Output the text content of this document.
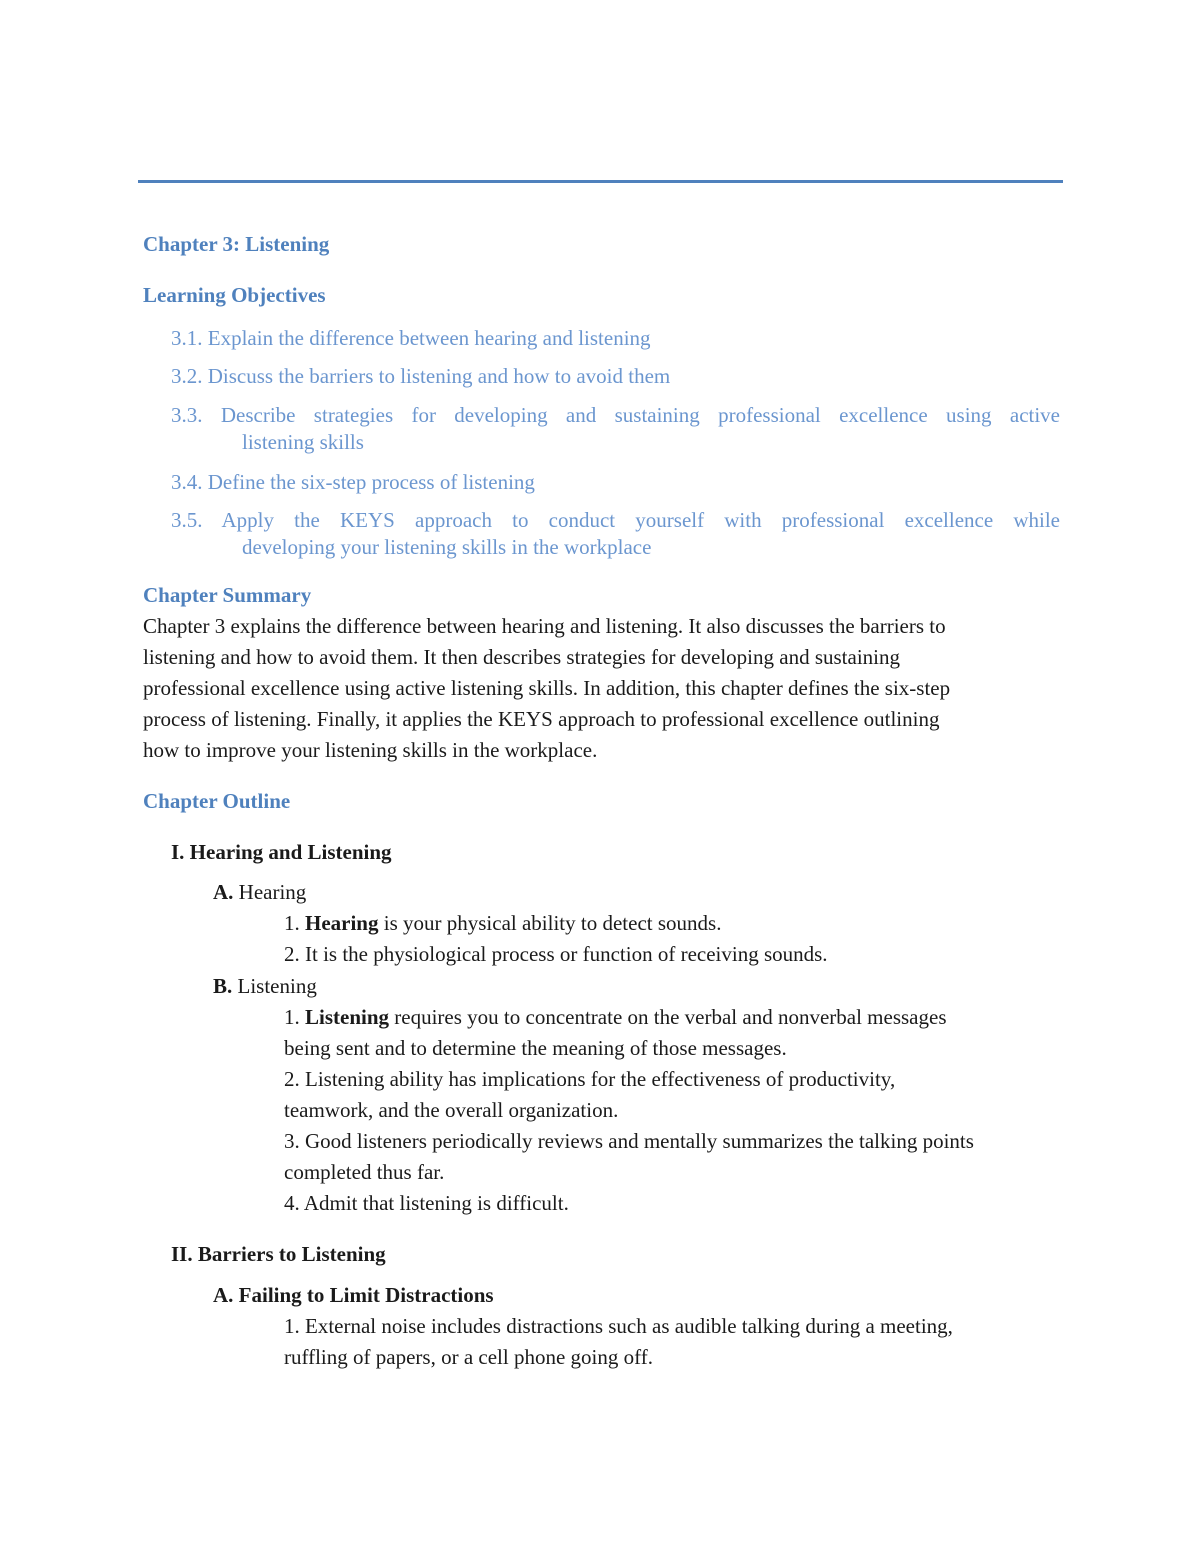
Chapter 3: Listening
Learning Objectives
3.1. Explain the difference between hearing and listening
3.2. Discuss the barriers to listening and how to avoid them
3.3. Describe strategies for developing and sustaining professional excellence using active
listening skills
3.4. Define the six-step process of listening
3.5. Apply the KEYS approach to conduct yourself with professional excellence while
developing your listening skills in the workplace
Chapter Summary
Chapter 3 explains the difference between hearing and listening. It also discusses the barriers to
listening and how to avoid them. It then describes strategies for developing and sustaining
professional excellence using active listening skills. In addition, this chapter defines the six-step
process of listening. Finally, it applies the KEYS approach to professional excellence outlining
how to improve your listening skills in the workplace.
Chapter Outline
I. Hearing and Listening
A. Hearing
1. Hearing is your physical ability to detect sounds.
2. It is the physiological process or function of receiving sounds.
B. Listening
1. Listening requires you to concentrate on the verbal and nonverbal messages
being sent and to determine the meaning of those messages.
2. Listening ability has implications for the effectiveness of productivity,
teamwork, and the overall organization.
3. Good listeners periodically reviews and mentally summarizes the talking points
completed thus far.
4. Admit that listening is difficult.
II. Barriers to Listening
A. Failing to Limit Distractions
1. External noise includes distractions such as audible talking during a meeting,
ruffling of papers, or a cell phone going off.
